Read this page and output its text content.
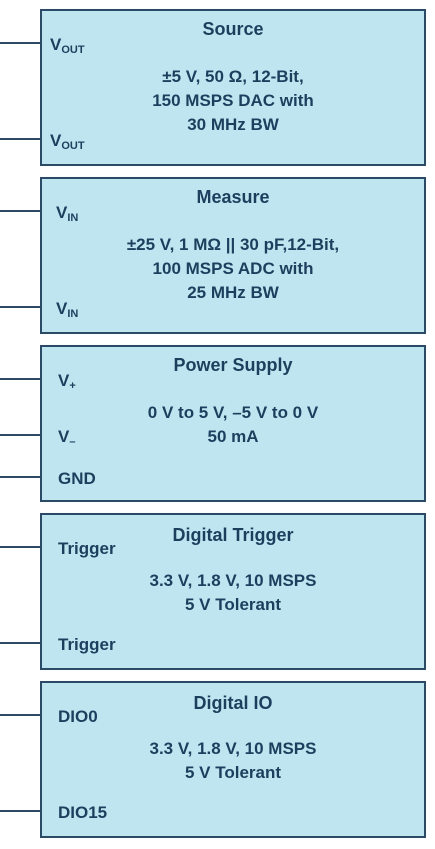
Source
$V_{OUT}$
±5 V, 50 Ω, 12-Bit,
150 MSPS DAC with
30 MHz BW
$V_{OUT}$
Measure
$V_{IN}$
±25 V, 1 MΩ || 30 pF,12-Bit,
100 MSPS ADC with
25 MHz BW
$V_{IN}$
Power Supply
$V_+$
0 V to 5 V, –5 V to 0 V
50 mA
$V_-$
GND
Digital Trigger
Trigger
3.3 V, 1.8 V, 10 MSPS
5 V Tolerant
Trigger
Digital IO
DIO0
3.3 V, 1.8 V, 10 MSPS
5 V Tolerant
DIO15
